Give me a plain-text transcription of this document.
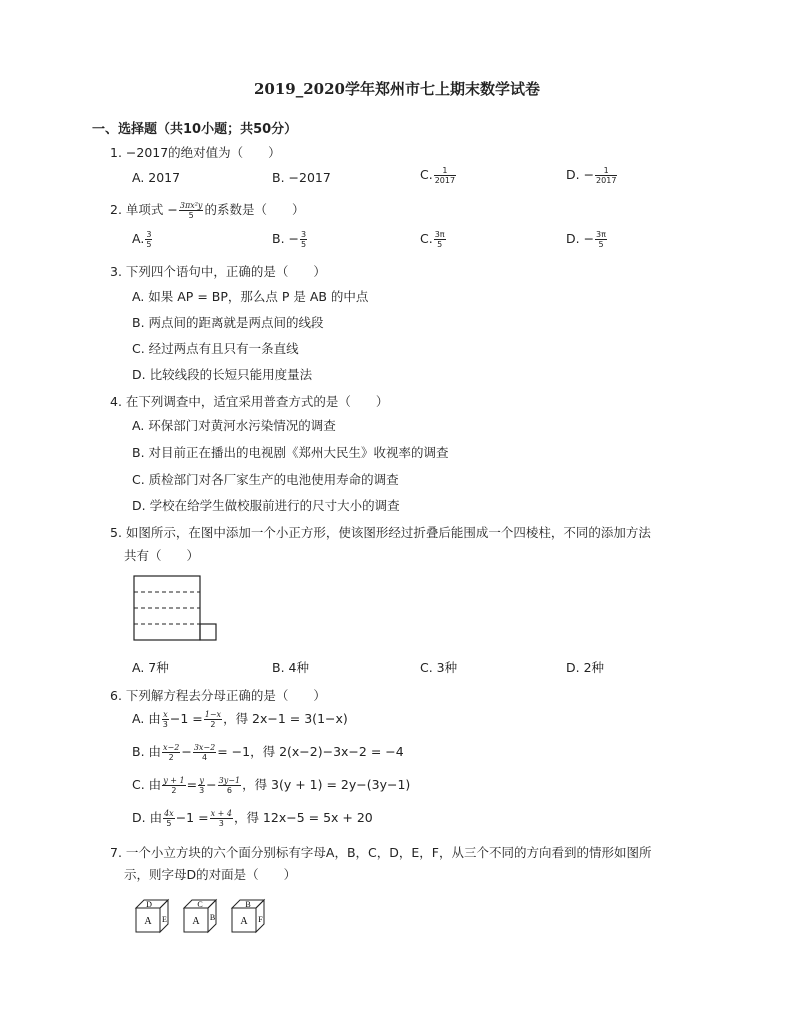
2019_2020学年郑州市七上期末数学试卷
一、选择题（共10小题；共50分）
1. −2017的绝对值为（　　）
A. 2017	B. −2017	C. $\frac{1}{2017}$	D. − $\frac{1}{2017}$
2. 单项式 − $\frac{\text{3πx²y}}{5}$ 的系数是（　　）
A. $\frac{3}{5}$	B. − $\frac{3}{5}$	C. $\frac{3\pi}{5}$	D. − $\frac{3\pi}{5}$
3. 下列四个语句中，正确的是（　　）
A. 如果 AP = BP，那么点 P 是 AB 的中点
B. 两点间的距离就是两点间的线段
C. 经过两点有且只有一条直线
D. 比较线段的长短只能用度量法
4. 在下列调查中，适宜采用普查方式的是（　　）
A. 环保部门对黄河水污染情况的调查
B. 对目前正在播出的电视剧《郑州大民生》收视率的调查
C. 质检部门对各厂家生产的电池使用寿命的调查
D. 学校在给学生做校服前进行的尺寸大小的调查
5. 如图所示，在图中添加一个小正方形，使该图形经过折叠后能围成一个四棱柱，不同的添加方法
共有（　　）
A. 7种	B. 4种	C. 3种	D. 2种
6. 下列解方程去分母正确的是（　　）
A. 由 $\frac{x}{3} -1 = \frac{1-x}{2}$ ，得 2x−1 = 3(1−x)
B. 由 $\frac{x-2}{2} - \frac{3x-2}{4} = -1$，得 2(x−2)−3x−2 = −4
C. 由 $\frac{y + 1}{2} = \frac{y}{3} - \frac{3y-1}{6}$ ，得 3(y + 1) = 2y−(3y−1)
D. 由 $\frac{4x}{5} -1 = \frac{x + 4}{3}$ ，得 12x−5 = 5x + 20
7. 一个小立方块的六个面分别标有字母A，B，C，D，E，F，从三个不同的方向看到的情形如图所
示，则字母D的对面是（　　）
D
A E
C
A B
B
A F
